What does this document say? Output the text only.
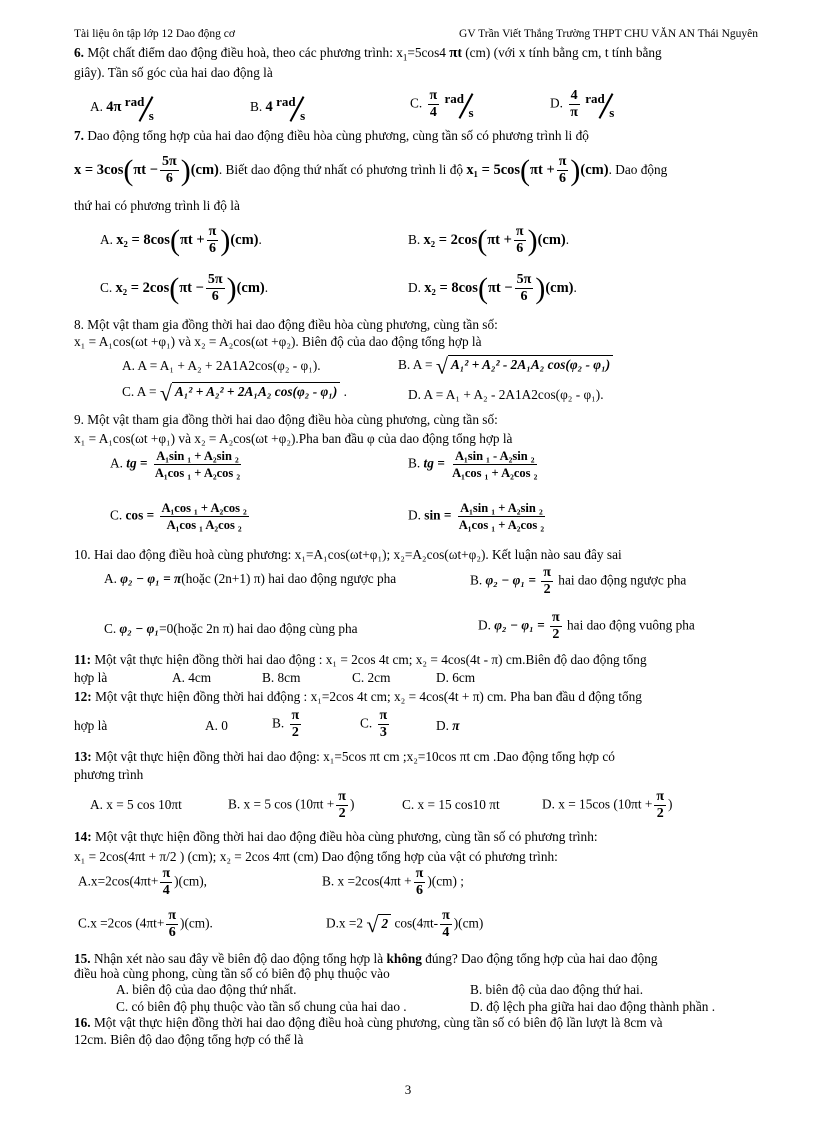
Tài liệu ôn tập lớp 12 Dao động cơ	GV Trần Viết Thắng Trường THPT CHU VĂN AN Thái Nguyên
6. Một chất điểm dao động điều hoà, theo các phương trình: $x_1=5\cos 4$ πt (cm) (với x tính bằng cm, t tính bằng
giây). Tần số góc của hai dao động là
A. 4π rad
s
B. 4 rad
s
C. $\frac{\pi}{4}$
rad
s
D. $\frac{4}{\pi}$
rad
s
7. Dao động tổng hợp của hai dao động điều hòa cùng phương, cùng tần số có phương trình li độ
$x = 3\cos(\pi t - \frac{5\pi}{6} )(cm)$. Biết dao động thứ nhất có phương trình li độ $x_1 = 5\cos(\pi t + \frac{\pi}{6} )(cm)$. Dao động
thứ hai có phương trình li độ là
A. $x_2 = 8\cos(\pi t + \frac{\pi}{6} )(cm)$.	B. $x_2 = 2\cos(\pi t + \frac{\pi}{6} )(cm)$.
C. $x_2 = 2\cos(\pi t - \frac{5\pi}{6} )(cm)$.	D. $x_2 = 8\cos(\pi t - \frac{5\pi}{6} )(cm)$.
8. Một vật tham gia đồng thời hai dao động điều hòa cùng phương, cùng tần số:
x₁ = A₁cos(ωt +φ₁) và x₂ = A₂cos(ωt +φ₂). Biên độ của dao động tổng hợp là
A. A = A₁ + A₂ + 2A1A2cos(φ₂ - φ₁).	B. A = √ A₁² + A₂² - 2A₁A₂ cos(φ₂ - φ₁)
C. A = √ A₁² + A₂² + 2A₁A₂ cos(φ₂ - φ₁) .	D. A = A₁ + A₂ - 2A1A2cos(φ₂ - φ₁).
9. Một vật tham gia đồng thời hai dao động điều hòa cùng phương, cùng tần số:
x₁ = A₁cos(ωt +φ₁) và x₂ = A₂cos(ωt +φ₂).Pha ban đầu φ của dao động tổng hợp là
A. tg = $\frac{\text{A₁sin ₁ + A₂sin ₂}}{\text{A₁cos ₁ + A₂cos ₂}}$	B. tg = $\frac{\text{A₁sin ₁ - A₂sin ₂}}{\text{A₁cos ₁ + A₂cos ₂}}$
C. $\cos = \frac{\text{A₁cos ₁ + A₂cos ₂}}{\text{A₁cos ₁ A₂cos ₂}}$	D. $\sin = \frac{\text{A₁sin ₁ + A₂sin ₂}}{\text{A₁cos ₁ + A₂cos ₂}}$
10. Hai dao động điều hoà cùng phương: x₁=A₁cos(ωt+φ₁); x₂=A₂cos(ωt+φ₂). Kết luận nào sau đây sai
A. φ₂ − φ₁ = π(hoặc (2n+1) π) hai dao động ngược pha	B. $\varphi_2 - \varphi_1 = \frac{\pi}{2}$ hai dao động ngược pha
C. φ₂ − φ₁=0(hoặc 2n π) hai dao động cùng pha	D. $\varphi_2 - \varphi_1 = \frac{\pi}{2}$ hai dao động vuông pha
11: Một vật thực hiện đồng thời hai dao động : x₁ = 2cos 4t cm; x₂ = 4cos(4t - π) cm.Biên độ dao động tổng
hợp là	A. 4cm	B. 8cm	C. 2cm	D. 6cm
12: Một vật thực hiện đồng thời hai dđộng : x₁=2cos 4t cm; x₂ = 4cos(4t + π) cm. Pha ban đầu d động tổng
hợp là	A. 0	B. $\frac{\pi}{2}$	C. $\frac{\pi}{3}$	D. π
13: Một vật thực hiện đồng thời hai dao động: x₁=5cos πt cm ;x₂=10cos πt cm .Dao động tổng hợp có
phương trình
A. x = 5 cos 10πt	B. x = 5 $\cos (10\pi t + \frac{\pi}{2}$ )	C. x = 15 cos10 πt	D. x = 15cos ($10\pi t + \frac{\pi}{2}$ )
14: Một vật thực hiện đồng thời hai dao động điều hòa cùng phương, cùng tần số có phương trình:
x₁ = 2cos(4πt + π/2 ) (cm); x₂ = 2cos 4πt (cm) Dao động tổng hợp của vật có phương trình:
$A.x=2\cos(4\pi t+ \frac{\pi}{4} )(cm)$,	B. $x =2\cos(4\pi t + \frac{\pi}{6} )(cm)$ ;
C.x =2cos $(4\pi t+ \frac{\pi}{6} )(cm)$.	D.x =2 √ 2 $\cos(4\pi t- \frac{\pi}{4} )(cm)$
15. Nhận xét nào sau đây về biên độ dao động tổng hợp là không đúng? Dao động tổng hợp của hai dao động
điều hoà cùng phong, cùng tần số có biên độ phụ thuộc vào
A. biên độ của dao động thứ nhất.	B. biên độ của dao động thứ hai.
C. có biên độ phụ thuộc vào tần số chung của hai dao .	D. độ lệch pha giữa hai dao động thành phần .
16. Một vật thực hiện đồng thời hai dao động điều hoà cùng phương, cùng tần số có biên độ lần lượt là 8cm và
12cm. Biên độ dao động tổng hợp có thể là
3
